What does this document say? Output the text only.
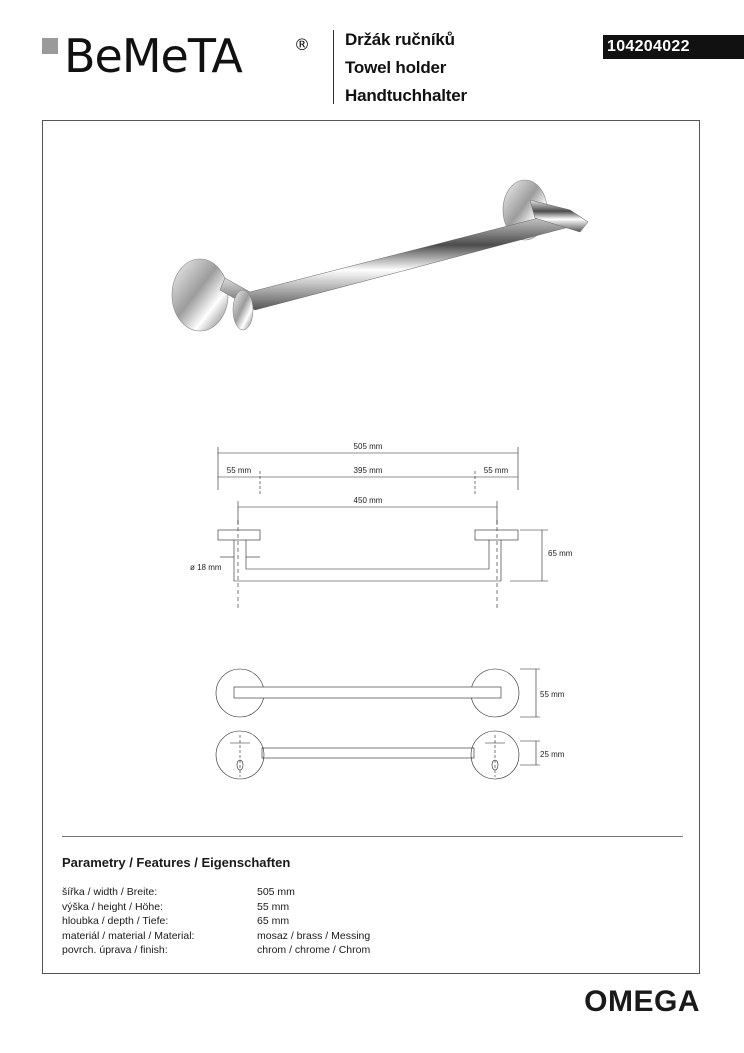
BeMeTA	® Držák ručníků
Towel holder
Handtuchhalter
104204022
505 mm
55 mm	395 mm	55 mm
450 mm
65 mm
ø 18 mm
55 mm
25 mm
Parametry / Features / Eigenschaften
šířka / width / Breite:	505 mm
výška / height / Höhe:	55 mm
hloubka / depth / Tiefe:	65 mm
materiál / material / Material:	mosaz / brass / Messing
povrch. úprava / finish:	chrom / chrome / Chrom
OMEGA
